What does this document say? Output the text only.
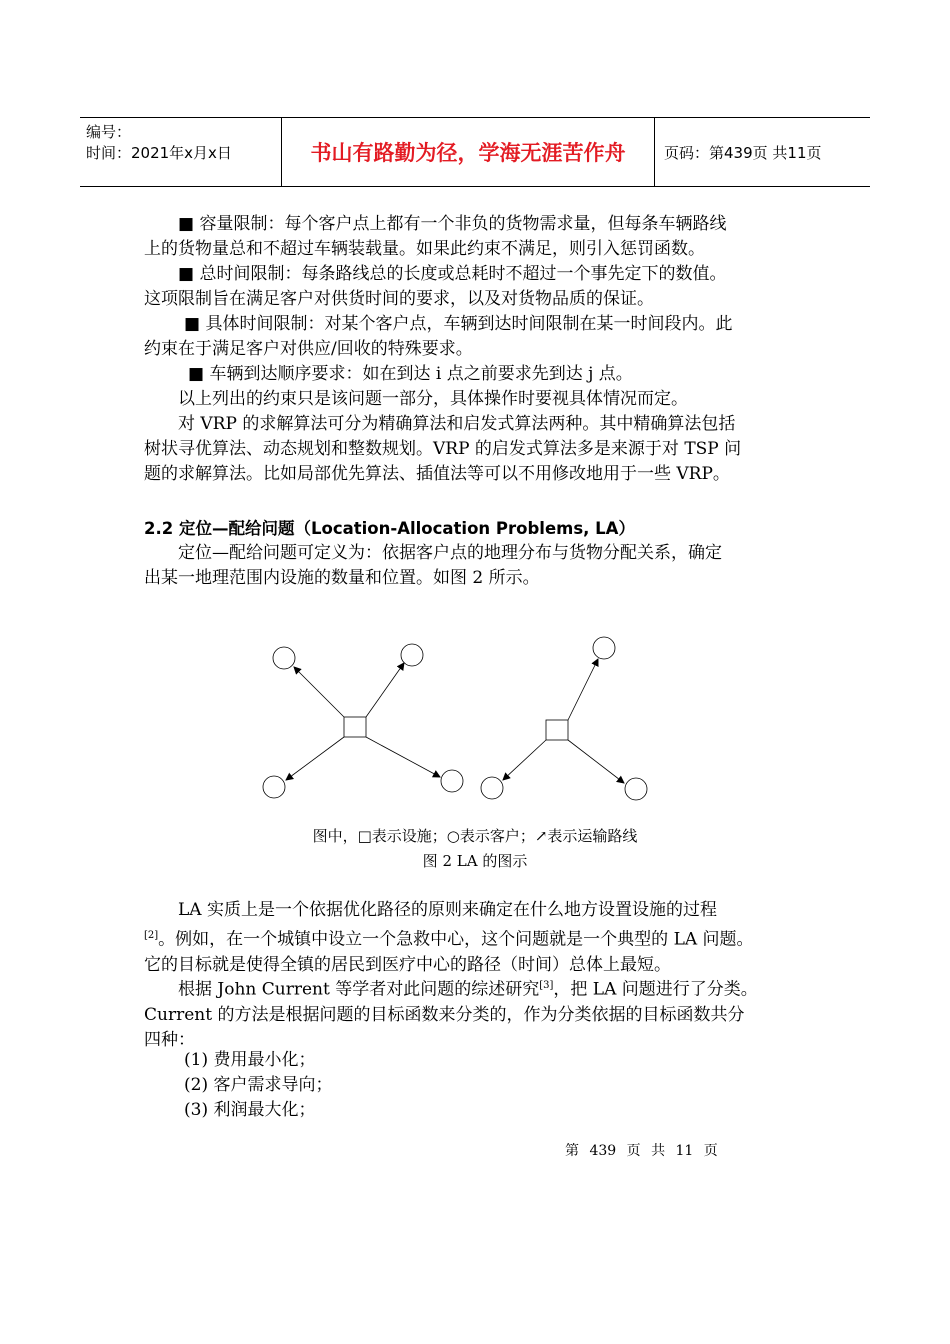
编号：
时间：2021年x月x日	书山有路勤为径，学海无涯苦作舟	页码：第439页 共11页
■ 容量限制：每个客户点上都有一个非负的货物需求量，但每条车辆路线
上的货物量总和不超过车辆装载量。如果此约束不满足，则引入惩罚函数。
■ 总时间限制：每条路线总的长度或总耗时不超过一个事先定下的数值。
这项限制旨在满足客户对供货时间的要求，以及对货物品质的保证。
■ 具体时间限制：对某个客户点，车辆到达时间限制在某一时间段内。此
约束在于满足客户对供应/回收的特殊要求。
■ 车辆到达顺序要求：如在到达 i 点之前要求先到达 j 点。
以上列出的约束只是该问题一部分，具体操作时要视具体情况而定。
对 VRP 的求解算法可分为精确算法和启发式算法两种。其中精确算法包括
树状寻优算法、动态规划和整数规划。VRP 的启发式算法多是来源于对 TSP 问
题的求解算法。比如局部优先算法、插值法等可以不用修改地用于一些 VRP。
2.2 定位—配给问题（Location-Allocation Problems, LA）
定位—配给问题可定义为：依据客户点的地理分布与货物分配关系，确定
出某一地理范围内设施的数量和位置。如图 2 所示。
图中，□表示设施；○表示客户；↗表示运输路线
图 2 LA 的图示
LA 实质上是一个依据优化路径的原则来确定在什么地方设置设施的过程
[2]。例如，在一个城镇中设立一个急救中心，这个问题就是一个典型的 LA 问题。
它的目标就是使得全镇的居民到医疗中心的路径（时间）总体上最短。
根据 John Current 等学者对此问题的综述研究[3]，把 LA 问题进行了分类。
Current 的方法是根据问题的目标函数来分类的，作为分类依据的目标函数共分
四种：
(1) 费用最小化；
(2) 客户需求导向；
(3) 利润最大化；
第 439 页 共 11 页
